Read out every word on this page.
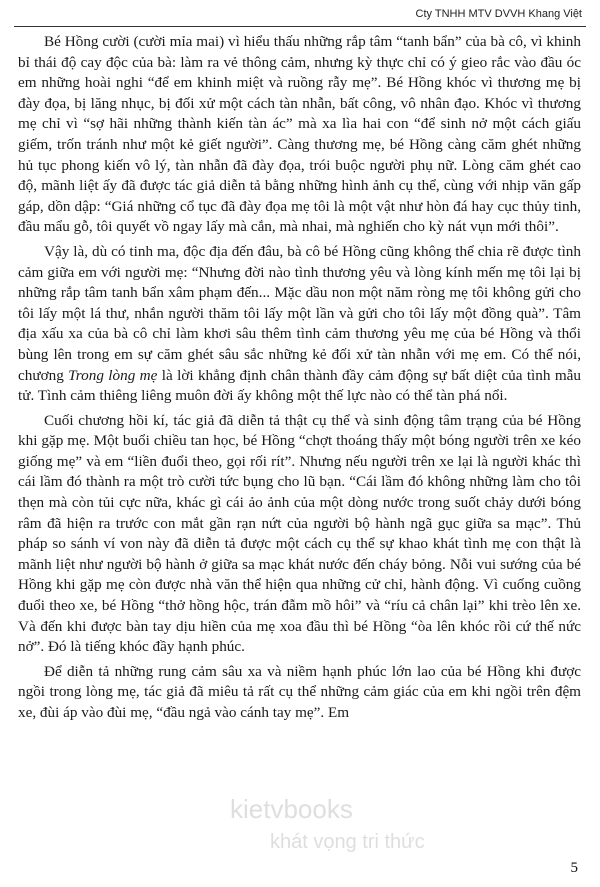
Cty TNHH MTV DVVH Khang Việt

Bé Hồng cười (cười mỉa mai) vì hiểu thấu những rắp tâm “tanh bẩn” của bà cô, vì khinh bỉ thái độ cay độc của bà: làm ra vẻ thông cảm, nhưng kỳ thực chỉ có ý gieo rắc vào đầu óc em những hoài nghi “để em khinh miệt và ruồng rẫy mẹ”. Bé Hồng khóc vì thương mẹ bị đày đọa, bị lăng nhục, bị đối xử một cách tàn nhẫn, bất công, vô nhân đạo. Khóc vì thương mẹ chỉ vì “sợ hãi những thành kiến tàn ác” mà xa lìa hai con “để sinh nở một cách giấu giếm, trốn tránh như một kẻ giết người”. Càng thương mẹ, bé Hồng càng căm ghét những hủ tục phong kiến vô lý, tàn nhẫn đã đày đọa, trói buộc người phụ nữ. Lòng căm ghét cao độ, mãnh liệt ấy đã được tác giả diễn tả bằng những hình ảnh cụ thể, cùng với nhịp văn gấp gáp, dồn dập: “Giá những cổ tục đã đày đọa mẹ tôi là một vật như hòn đá hay cục thủy tinh, đầu mẩu gỗ, tôi quyết vồ ngay lấy mà cắn, mà nhai, mà nghiến cho kỳ nát vụn mới thôi”.

Vậy là, dù có tinh ma, độc địa đến đâu, bà cô bé Hồng cũng không thể chia rẽ được tình cảm giữa em với người mẹ: “Nhưng đời nào tình thương yêu và lòng kính mến mẹ tôi lại bị những rắp tâm tanh bẩn xâm phạm đến... Mặc dầu non một năm ròng mẹ tôi không gửi cho tôi lấy một lá thư, nhắn người thăm tôi lấy một lần và gửi cho tôi lấy một đồng quà”. Tâm địa xấu xa của bà cô chỉ làm khơi sâu thêm tình cảm thương yêu mẹ của bé Hồng và thổi bùng lên trong em sự căm ghét sâu sắc những kẻ đối xử tàn nhẫn với mẹ em. Có thể nói, chương Trong lòng mẹ là lời khẳng định chân thành đầy cảm động sự bất diệt của tình mẫu tử. Tình cảm thiêng liêng muôn đời ấy không một thế lực nào có thể tàn phá nổi.

Cuối chương hồi kí, tác giả đã diễn tả thật cụ thể và sinh động tâm trạng của bé Hồng khi gặp mẹ. Một buổi chiều tan học, bé Hồng “chợt thoáng thấy một bóng người trên xe kéo giống mẹ” và em “liền đuổi theo, gọi rối rít”. Nhưng nếu người trên xe lại là người khác thì cái lầm đó thành ra một trò cười tức bụng cho lũ bạn. “Cái lầm đó không những làm cho tôi thẹn mà còn tủi cực nữa, khác gì cái ảo ảnh của một dòng nước trong suốt chảy dưới bóng râm đã hiện ra trước con mắt gần rạn nứt của người bộ hành ngã gục giữa sa mạc”. Thủ pháp so sánh ví von này đã diễn tả được một cách cụ thể sự khao khát tình mẹ con thật là mãnh liệt như người bộ hành ở giữa sa mạc khát nước đến cháy bỏng. Nỗi vui sướng của bé Hồng khi gặp mẹ còn được nhà văn thể hiện qua những cử chỉ, hành động. Vì cuống cuồng đuổi theo xe, bé Hồng “thở hồng hộc, trán đẫm mồ hôi” và “ríu cả chân lại” khi trèo lên xe. Và đến khi được bàn tay dịu hiền của mẹ xoa đầu thì bé Hồng “òa lên khóc rồi cứ thế nức nở”. Đó là tiếng khóc đầy hạnh phúc.

Để diễn tả những rung cảm sâu xa và niềm hạnh phúc lớn lao của bé Hồng khi được ngồi trong lòng mẹ, tác giả đã miêu tả rất cụ thể những cảm giác của em khi ngồi trên đệm xe, đùi áp vào đùi mẹ, “đầu ngả vào cánh tay mẹ”. Em

kietvbooks
khát vọng tri thức
5
